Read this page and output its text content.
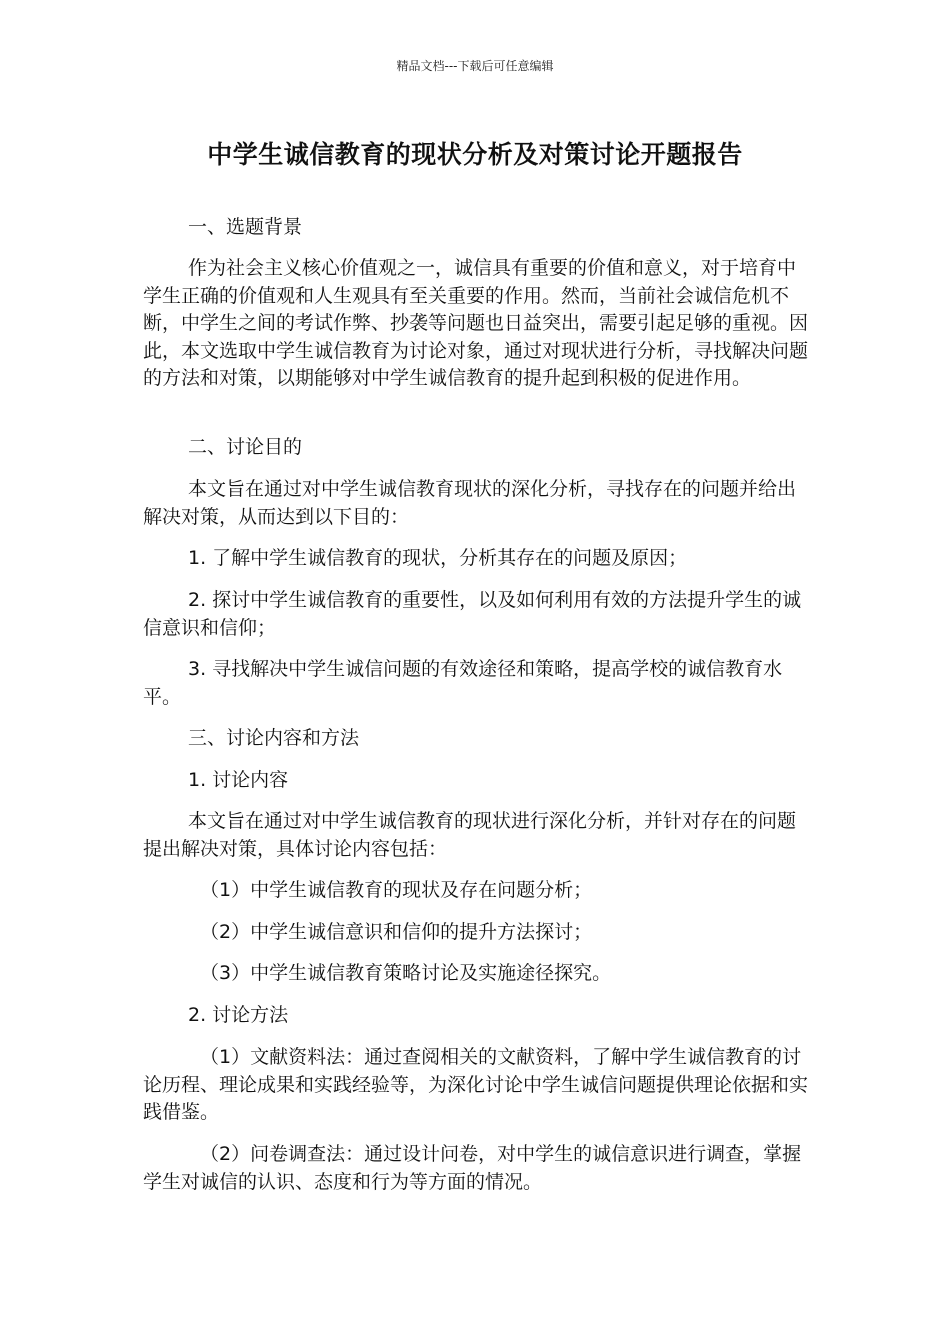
精品文档---下载后可任意编辑
中学生诚信教育的现状分析及对策讨论开题报告

一、选题背景

作为社会主义核心价值观之一，诚信具有重要的价值和意义，对于培育中学生正确的价值观和人生观具有至关重要的作用。然而，当前社会诚信危机不断，中学生之间的考试作弊、抄袭等问题也日益突出，需要引起足够的重视。因此，本文选取中学生诚信教育为讨论对象，通过对现状进行分析，寻找解决问题的方法和对策，以期能够对中学生诚信教育的提升起到积极的促进作用。

二、讨论目的

本文旨在通过对中学生诚信教育现状的深化分析，寻找存在的问题并给出解决对策，从而达到以下目的：

1. 了解中学生诚信教育的现状，分析其存在的问题及原因；

2. 探讨中学生诚信教育的重要性，以及如何利用有效的方法提升学生的诚信意识和信仰；

3. 寻找解决中学生诚信问题的有效途径和策略，提高学校的诚信教育水平。

三、讨论内容和方法

1. 讨论内容

本文旨在通过对中学生诚信教育的现状进行深化分析，并针对存在的问题提出解决对策，具体讨论内容包括：

（1）中学生诚信教育的现状及存在问题分析；

（2）中学生诚信意识和信仰的提升方法探讨；

（3）中学生诚信教育策略讨论及实施途径探究。

2. 讨论方法

（1）文献资料法：通过查阅相关的文献资料，了解中学生诚信教育的讨论历程、理论成果和实践经验等，为深化讨论中学生诚信问题提供理论依据和实践借鉴。

（2）问卷调查法：通过设计问卷，对中学生的诚信意识进行调查，掌握学生对诚信的认识、态度和行为等方面的情况。
